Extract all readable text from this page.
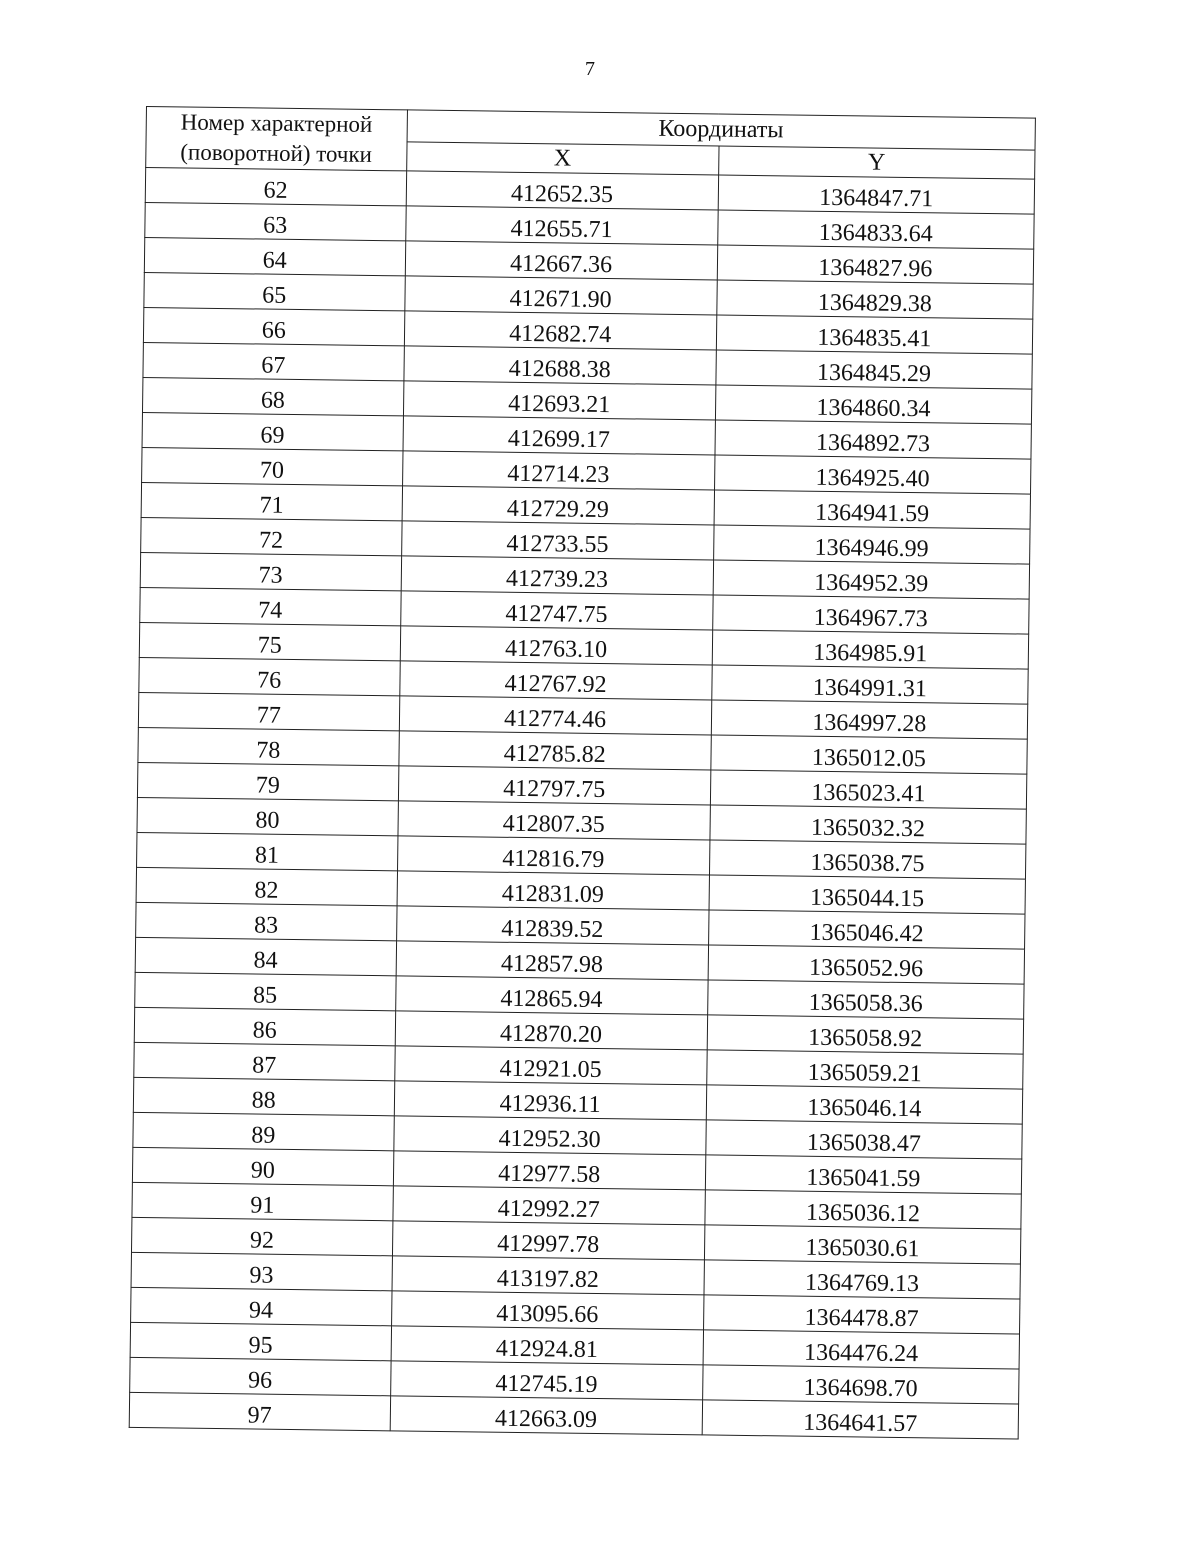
7
Номер характерной (поворотной) точки	Координаты	
	X	Y
62	412652.35	1364847.71
63	412655.71	1364833.64
64	412667.36	1364827.96
65	412671.90	1364829.38
66	412682.74	1364835.41
67	412688.38	1364845.29
68	412693.21	1364860.34
69	412699.17	1364892.73
70	412714.23	1364925.40
71	412729.29	1364941.59
72	412733.55	1364946.99
73	412739.23	1364952.39
74	412747.75	1364967.73
75	412763.10	1364985.91
76	412767.92	1364991.31
77	412774.46	1364997.28
78	412785.82	1365012.05
79	412797.75	1365023.41
80	412807.35	1365032.32
81	412816.79	1365038.75
82	412831.09	1365044.15
83	412839.52	1365046.42
84	412857.98	1365052.96
85	412865.94	1365058.36
86	412870.20	1365058.92
87	412921.05	1365059.21
88	412936.11	1365046.14
89	412952.30	1365038.47
90	412977.58	1365041.59
91	412992.27	1365036.12
92	412997.78	1365030.61
93	413197.82	1364769.13
94	413095.66	1364478.87
95	412924.81	1364476.24
96	412745.19	1364698.70
97	412663.09	1364641.57
